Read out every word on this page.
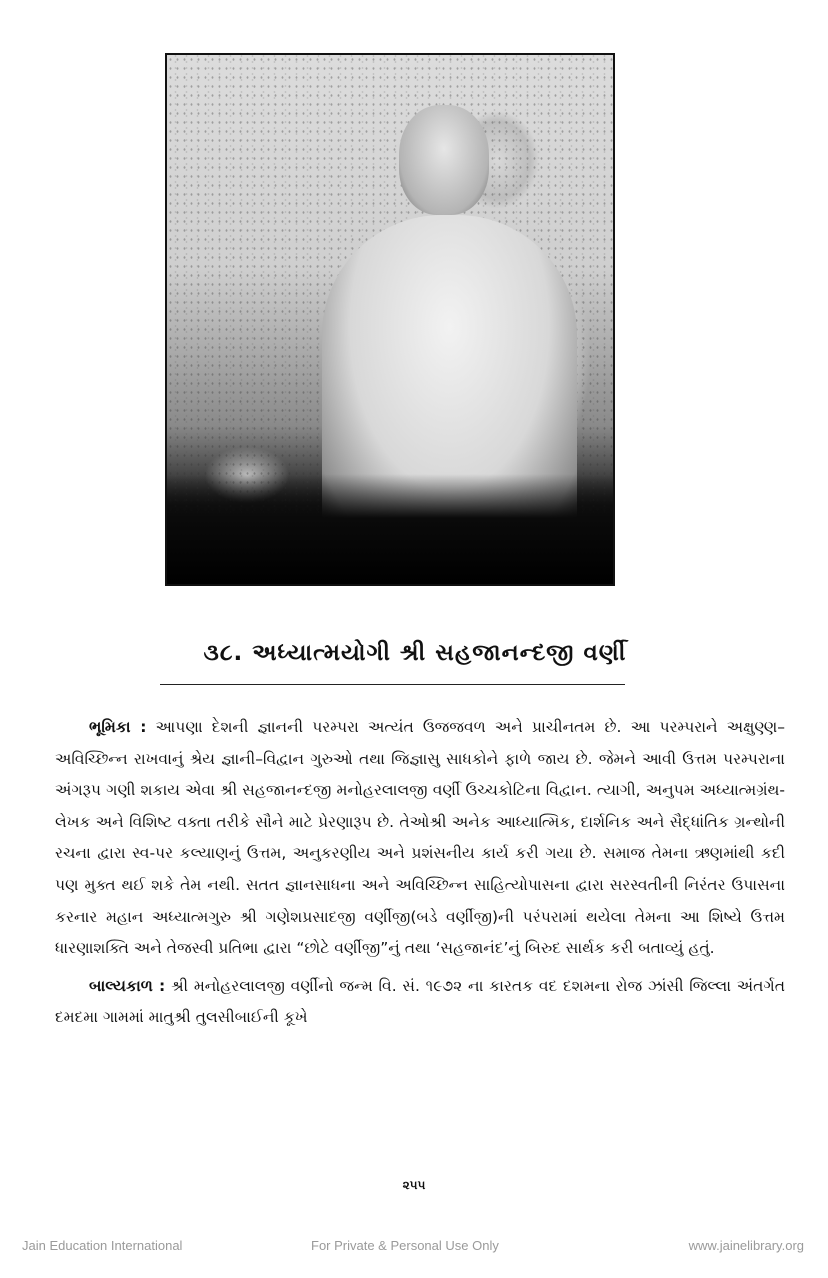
૩૮. અધ્યાત્મયોગી શ્રી સહજાનન્દજી વર્ણી

ભૂમિકા : આપણા દેશની જ્ઞાનની પરમ્પરા અત્યંત ઉજજવળ અને પ્રાચીનતમ છે. આ પરમ્પરાને અક્ષુણ્ણ–અવિચ્છિન્ન રાખવાનું શ્રેય જ્ઞાની–વિદ્વાન ગુરુઓ તથા જિજ્ઞાસુ સાધકોને ફાળે જાય છે. જેમને આવી ઉત્તમ પરમ્પરાના અંગરૂપ ગણી શકાય એવા શ્રી સહજાનન્દજી મનોહરલાલજી વર્ણી ઉચ્ચકોટિના વિદ્વાન. ત્યાગી, અનુપમ અધ્યાત્મગ્રંથ-લેખક અને વિશિષ્ટ વક્તા તરીકે સૌને માટે પ્રેરણારૂપ છે. તેઓશ્રી અનેક આધ્યાત્મિક, દાર્શનિક અને સૈદ્ધાંતિક ગ્રન્થોની રચના દ્વારા સ્વ-પર કલ્યાણનું ઉત્તમ, અનુકરણીય અને પ્રશંસનીય કાર્ય કરી ગયા છે. સમાજ તેમના ઋણમાંથી કદી પણ મુક્ત થઈ શકે તેમ નથી. સતત જ્ઞાનસાધના અને અવિચ્છિન્ન સાહિત્યોપાસના દ્વારા સરસ્વતીની નિરંતર ઉપાસના કરનાર મહાન અધ્યાત્મગુરુ શ્રી ગણેશપ્રસાદજી વર્ણીજી(બડે વર્ણીજી)ની પરંપરામાં થયેલા તેમના આ શિષ્યે ઉત્તમ ધારણાશક્તિ અને તેજસ્વી પ્રતિભા દ્વારા “છોટે વર્ણીજી”નું તથા ‘સહજાનંદ’નું બિરુદ સાર્થક કરી બતાવ્યું હતું.

બાલ્યકાળ : શ્રી મનોહરલાલજી વર્ણીનો જન્મ વિ. સં. ૧૯૭૨ ના કારતક વદ દશમના રોજ ઝાંસી જિલ્લા અંતર્ગત દમદમા ગામમાં માતુશ્રી તુલસીબાઈની કૂખે

૨૫૫
Jain Education International	For Private & Personal Use Only	www.jainelibrary.org
